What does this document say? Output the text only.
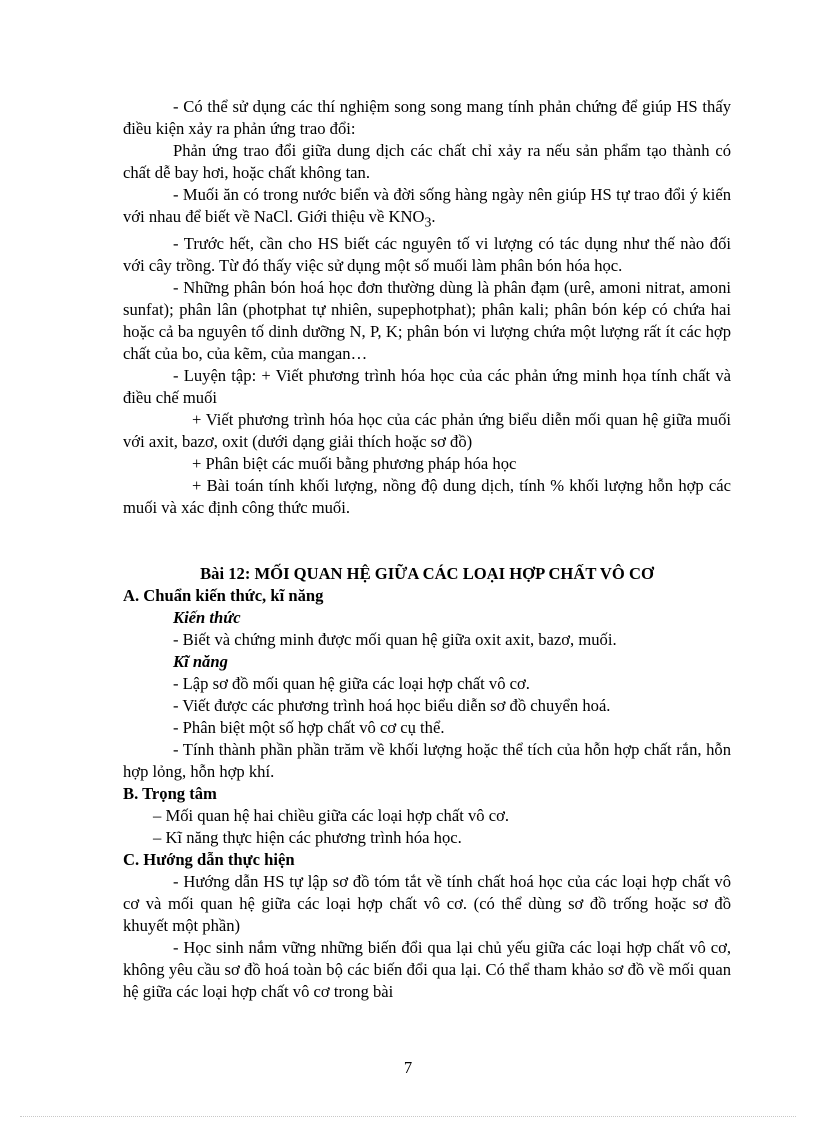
- Có thể sử dụng các thí nghiệm song song mang tính phản chứng để giúp HS thấy điều kiện xảy ra phản ứng trao đổi:

Phản ứng trao đổi giữa dung dịch các chất chỉ xảy ra nếu sản phẩm tạo thành có chất dễ bay hơi, hoặc chất không tan.

- Muối ăn có trong nước biển và đời sống hàng ngày nên giúp HS tự trao đổi ý kiến với nhau để biết về NaCl. Giới thiệu về $KNO_3$.

- Trước hết, cần cho HS biết các nguyên tố vi lượng có tác dụng như thế nào đối với cây trồng. Từ đó thấy việc sử dụng một số muối làm phân bón hóa học.

- Những phân bón hoá học đơn thường dùng là phân đạm (urê, amoni nitrat, amoni sunfat); phân lân (photphat tự nhiên, supephotphat); phân kali; phân bón kép có chứa hai hoặc cả ba nguyên tố dinh dưỡng N, P, K; phân bón vi lượng chứa một lượng rất ít các hợp chất của bo, của kẽm, của mangan…

- Luyện tập: + Viết phương trình hóa học của các phản ứng minh họa tính chất và điều chế muối

+ Viết phương trình hóa học của các phản ứng biểu diễn mối quan hệ giữa muối với axit, bazơ, oxit (dưới dạng giải thích hoặc sơ đồ)

+ Phân biệt các muối bằng phương pháp hóa học

+ Bài toán tính khối lượng, nồng độ dung dịch, tính % khối lượng hỗn hợp các muối và xác định công thức muối.

Bài 12: MỐI QUAN HỆ GIỮA CÁC LOẠI HỢP CHẤT VÔ CƠ

A. Chuẩn kiến thức, kĩ năng

Kiến thức

- Biết và chứng minh được mối quan hệ giữa oxit axit, bazơ, muối.

Kĩ năng

- Lập sơ đồ mối quan hệ giữa các loại hợp chất vô cơ.

- Viết được các phương trình hoá học biểu diễn sơ đồ chuyển hoá.

- Phân biệt một số hợp chất vô cơ cụ thể.

- Tính thành phần phần trăm về khối lượng hoặc thể tích của hỗn hợp chất rắn, hỗn hợp lỏng, hỗn hợp khí.

B. Trọng tâm

– Mối quan hệ hai chiều giữa các loại hợp chất vô cơ.

– Kĩ năng thực hiện các phương trình hóa học.

C. Hướng dẫn thực hiện

- Hướng dẫn HS tự lập sơ đồ tóm tắt về tính chất hoá học của các loại hợp chất vô cơ và mối quan hệ giữa các loại hợp chất vô cơ. (có thể dùng sơ đồ trống hoặc sơ đồ khuyết một phần)

- Học sinh nắm vững những biến đổi qua lại chủ yếu giữa các loại hợp chất vô cơ, không yêu cầu sơ đồ hoá toàn bộ các biến đổi qua lại. Có thể tham khảo sơ đồ về mối quan hệ giữa các loại hợp chất vô cơ trong bài

7
